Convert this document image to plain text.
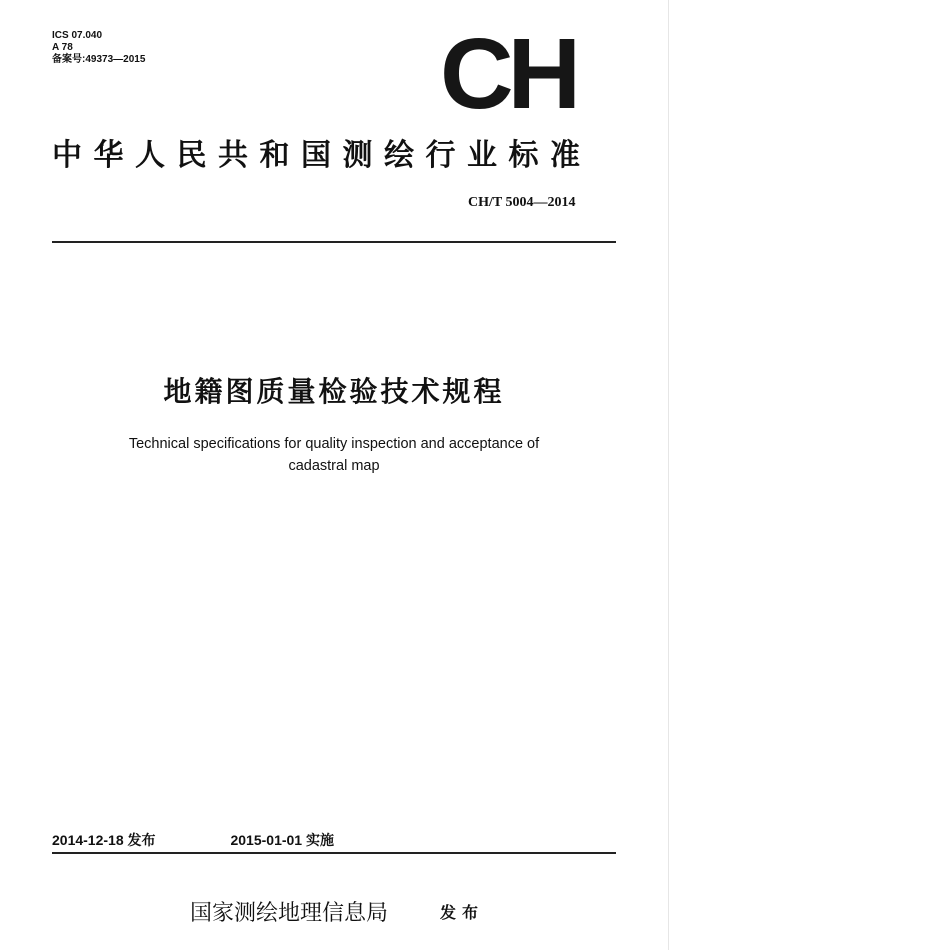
ICS 07.040
A 78
备案号:49373—2015	CH
中华人民共和国测绘行业标准
CH/T 5004—2014
地籍图质量检验技术规程
Technical specifications for quality inspection and acceptance of
cadastral map
2014-12-18 发布	2015-01-01 实施
国家测绘地理信息局	发布
